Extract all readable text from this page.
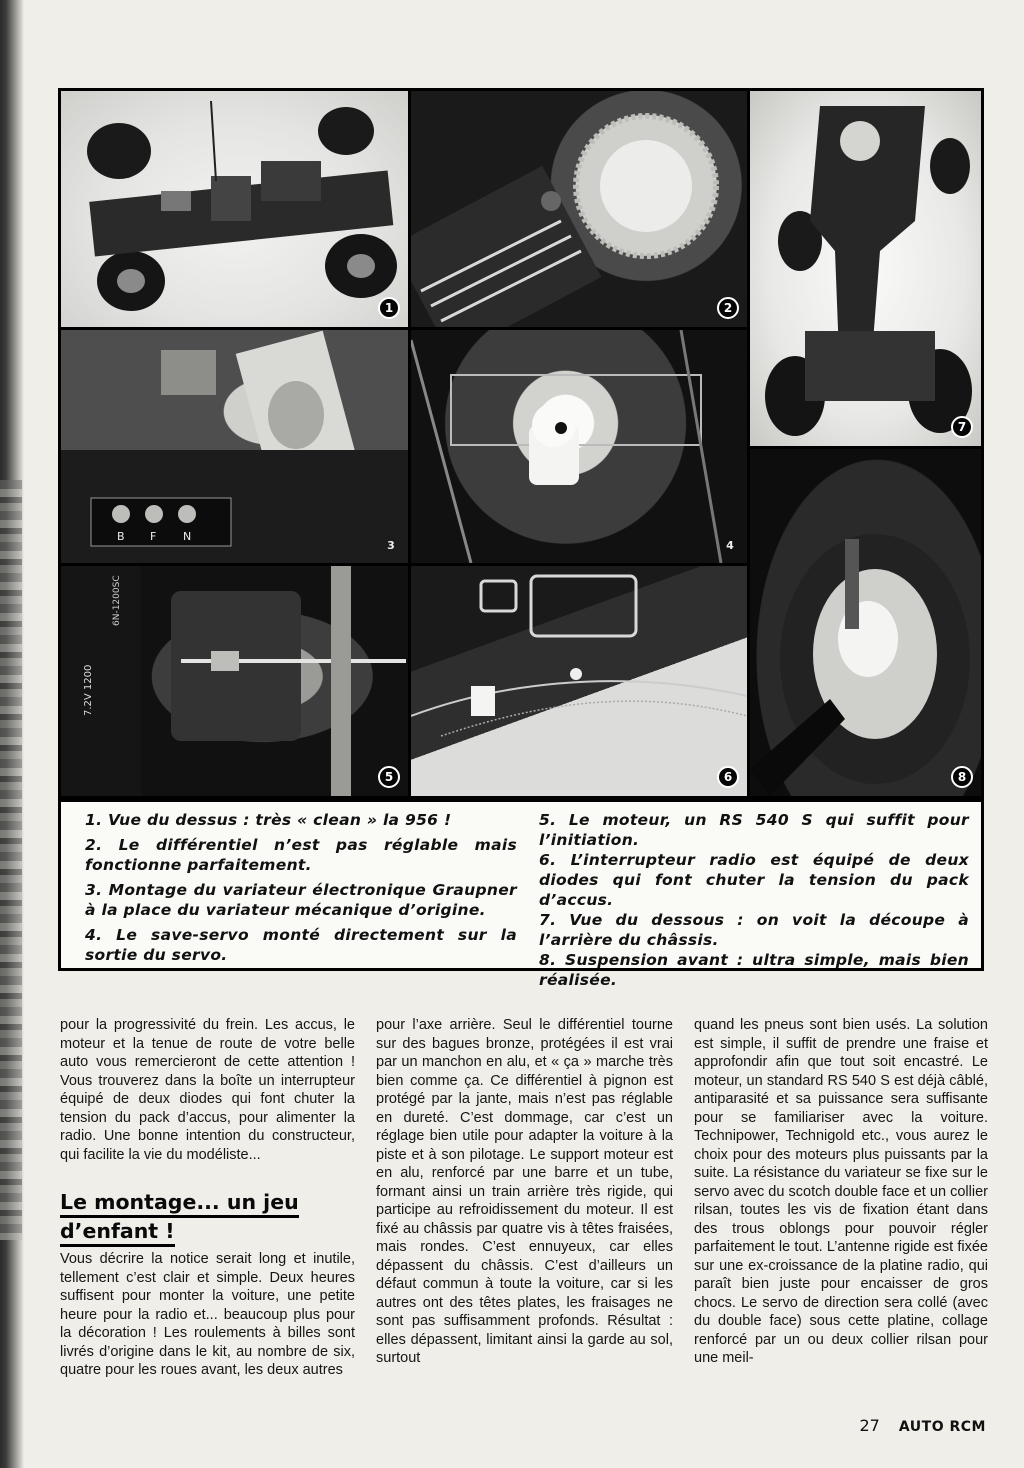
1	2
B F N
3	4
7.2V 1200
6N-1200SC
5	6
7
8

1. Vue du dessus : très « clean » la 956 !

2. Le différentiel n’est pas réglable mais fonctionne parfaitement.

3. Montage du variateur électronique Graupner à la place du variateur mécanique d’origine.

4. Le save-servo monté directement sur la sortie du servo.

5. Le moteur, un RS 540 S qui suffit pour l’initiation.

6. L’interrupteur radio est équipé de deux diodes qui font chuter la tension du pack d’accus.

7. Vue du dessous : on voit la découpe à l’arrière du châssis.

8. Suspension avant : ultra simple, mais bien réalisée.

pour la progressivité du frein. Les accus, le moteur et la tenue de route de votre belle auto vous remercieront de cette attention ! Vous trouverez dans la boîte un interrupteur équipé de deux diodes qui font chuter la tension du pack d’accus, pour alimenter la radio. Une bonne intention du constructeur, qui facilite la vie du modéliste...

Le montage... un jeu
d’enfant !

Vous décrire la notice serait long et inutile, tellement c’est clair et simple. Deux heures suffisent pour monter la voiture, une petite heure pour la radio et... beaucoup plus pour la décoration ! Les roulements à billes sont livrés d’origine dans le kit, au nombre de six, quatre pour les roues avant, les deux autres

pour l’axe arrière. Seul le différentiel tourne sur des bagues bronze, protégées il est vrai par un manchon en alu, et « ça » marche très bien comme ça. Ce différentiel à pignon est protégé par la jante, mais n’est pas réglable en dureté. C’est dommage, car c’est un réglage bien utile pour adapter la voiture à la piste et à son pilotage. Le support moteur est en alu, renforcé par une barre et un tube, formant ainsi un train arrière très rigide, qui participe au refroidissement du moteur. Il est fixé au châssis par quatre vis à têtes fraisées, mais rondes. C’est ennuyeux, car elles dépassent du châssis. C’est d’ailleurs un défaut commun à toute la voiture, car si les autres ont des têtes plates, les fraisages ne sont pas suffisamment profonds. Résultat : elles dépassent, limitant ainsi la garde au sol, surtout

quand les pneus sont bien usés. La solution est simple, il suffit de prendre une fraise et approfondir afin que tout soit encastré. Le moteur, un standard RS 540 S est déjà câblé, antiparasité et sa puissance sera suffisante pour se familiariser avec la voiture. Technipower, Technigold etc., vous aurez le choix pour des moteurs plus puissants par la suite. La résistance du variateur se fixe sur le servo avec du scotch double face et un collier rilsan, toutes les vis de fixation étant dans des trous oblongs pour pouvoir régler parfaitement le tout. L’antenne rigide est fixée sur une ex-croissance de la platine radio, qui paraît bien juste pour encaisser de gros chocs. Le servo de direction sera collé (avec du double face) sous cette platine, collage renforcé par un ou deux collier rilsan pour une meil-

27 AUTO RCM
